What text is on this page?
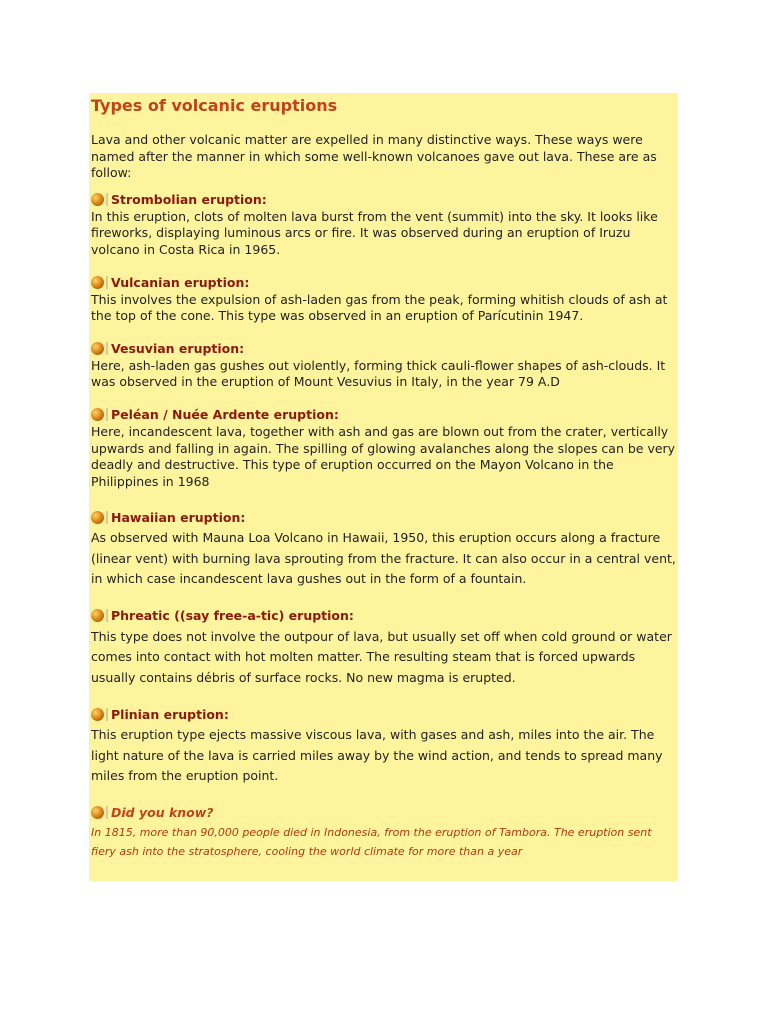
Types of volcanic eruptions

Lava and other volcanic matter are expelled in many distinctive ways. These ways were named after the manner in which some well-known volcanoes gave out lava. These are as follow:

Strombolian eruption:

In this eruption, clots of molten lava burst from the vent (summit) into the sky. It looks like fireworks, displaying luminous arcs or fire. It was observed during an eruption of Iruzu volcano in Costa Rica in 1965.

Vulcanian eruption:

This involves the expulsion of ash-laden gas from the peak, forming whitish clouds of ash at the top of the cone. This type was observed in an eruption of Parícutinin 1947.

Vesuvian eruption:

Here, ash-laden gas gushes out violently, forming thick cauli-flower shapes of ash-clouds. It was observed in the eruption of Mount Vesuvius in Italy, in the year 79 A.D

Peléan / Nuée Ardente eruption:

Here, incandescent lava, together with ash and gas are blown out from the crater, vertically upwards and falling in again. The spilling of glowing avalanches along the slopes can be very deadly and destructive. This type of eruption occurred on the Mayon Volcano in the Philippines in 1968

Hawaiian eruption:

As observed with Mauna Loa Volcano in Hawaii, 1950, this eruption occurs along a fracture (linear vent) with burning lava sprouting from the fracture. It can also occur in a central vent, in which case incandescent lava gushes out in the form of a fountain.

Phreatic ((say free-a-tic) eruption:

This type does not involve the outpour of lava, but usually set off when cold ground or water comes into contact with hot molten matter. The resulting steam that is forced upwards usually contains débris of surface rocks. No new magma is erupted.

Plinian eruption:

This eruption type ejects massive viscous lava, with gases and ash, miles into the air. The light nature of the lava is carried miles away by the wind action, and tends to spread many miles from the eruption point.

Did you know?

In 1815, more than 90,000 people died in Indonesia, from the eruption of Tambora. The eruption sent fiery ash into the stratosphere, cooling the world climate for more than a year
